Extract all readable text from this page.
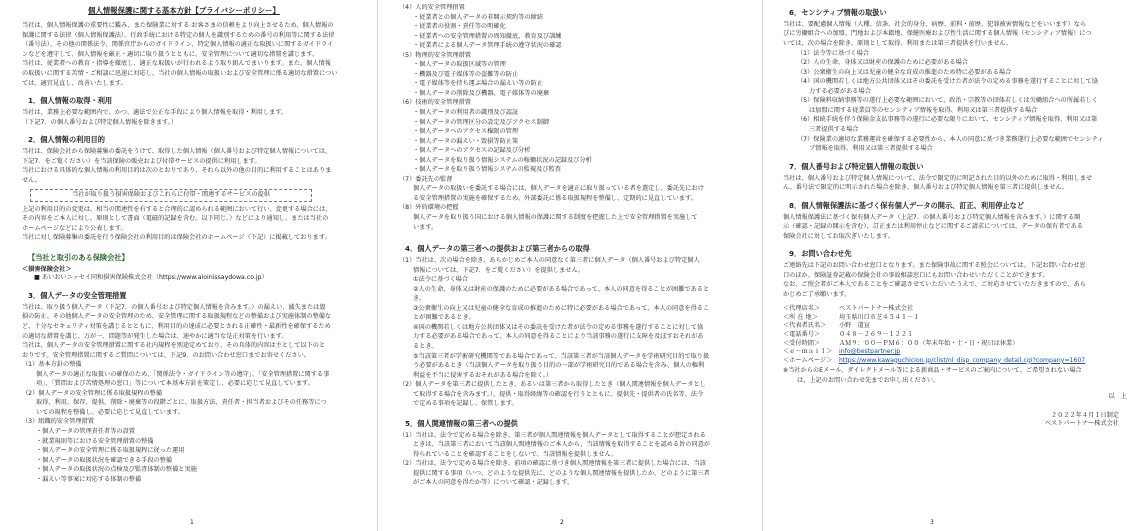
個人情報保護に関する基本方針【プライバシーポリシー】

当社は、個人情報保護の重要性に鑑み、また保険業に対する お客さまの信頼をより向上させるため、個人情報の

保護に関する法律（個人情報保護法）、行政手続における特定の個人を識別するための番号の利用等に関する法律

（番号法）、その他の関係法令、関係官庁からのガイドライン、特定個人情報の適正な取扱いに関するガイドライ

ンなどを遵守して、個人情報を厳正・適切に取り扱うとともに、安全管理について適切な措置を講じます。

当社は、従業者への教育・指導を徹底し、適正な取扱いが行われるよう取り組んでまいります。また、個人情報

の取扱いに関する苦情・ご相談に迅速に対応し、当社の個人情報の取扱いおよび安全管理に係る適切な措置につい

ては、適宜見直し、改善いたします。

1．個人情報の取得・利用

当社は、業務上必要な範囲内で、かつ、適法で公正な手段により個人情報を取得・利用します。

（下記7．の個人番号および特定個人情報を除きます。）

2．個人情報の利用目的

当社は、保険会社から保険募集の委託をうけて、取得した個人情報（個人番号および特定個人情報については、

下記7．をご覧ください）を当該保険の販売および付帯サービスの提供に利用します。

当社における具体的な個人情報の利用目的は次のとおりであり、それら以外の他の目的に利用することはありま

せん。

当社が取り扱う損害保険およびこれらに付帯・関連するサービスの提供

上記の利用目的の変更は、相当の関連性を有すると合理的に認められる範囲において行い、変更する場合には、

その内容をご本人に対し、原則として書面（電磁的記録を含む。以下同じ。）などにより通知し、または当社の

ホームページなどにより公表します。

当社に対し保険募集の委託を行う保険会社の利用目的は保険会社のホームページ（下記）に掲載しております。

【当社と取引のある保険会社】
＜損害保険会社＞
■ あいおいニッセイ同和損害保険株式会社（https://www.aioinissaydowa.co.jp）
3．個人データの安全管理措置

当社は、取り扱う個人データ（下記7．の個人番号および特定個人情報を含みます。）の漏えい、滅失または毀

損の防止、その他個人データの安全管理のため、安全管理に関する取扱規程などの整備および実施体制の整備な

ど、十分なセキュリティ対策を講じるとともに、利用目的の達成に必要とされる正確性・最新性を確保するため

の適切な措置を講じ、万が一、問題等が発生した場合は、速やかに適当な是正対策を行います。

当社は、個人データの安全管理措置に関する社内規程を別途定めており、その具体的内容は主として以下のと

おりです。安全管理措置に関するご質問については、下記9．のお問い合わせ窓口までお寄せください。

（1）基本方針の整備

個人データの適正な取扱いの確保のため、「関係法令・ガイドライン等の遵守」、「安全管理措置に関する事

項」、「質問および苦情処理の窓口」等について本基本方針を策定し、必要に応じて見直しています。

（2）個人データの安全管理に係る取扱規程の整備

取得、利用、保存、提供、削除・廃棄等の段階ごとに、取扱方法、責任者・担当者およびその任務等につ

いての規程を整備し、必要に応じて見直しています。

（3）組織的安全管理措置

・個人データの管理責任者等の設置

・就業規則等における安全管理措置の整備

・個人データの安全管理に係る取扱規程に従った運用

・個人データの取扱状況を確認できる手段の整備

・個人データの取扱状況の点検及び監査体制の整備と実施

・漏えい等事案に対応する体制の整備

1

（4）人的安全管理措置

・従業者との個人データの非開示契約等の締結

・従業者の役割・責任等の明確化

・従業者への安全管理措置の周知徹底、教育及び訓練

・従業者による個人データ管理手続の遵守状況の確認

（5）物理的安全管理措置

・個人データの取扱区域等の管理

・機器及び電子媒体等の盗難等の防止

・電子媒体等を持ち運ぶ場合の漏えい等の防止

・個人データの削除及び機器、電子媒体等の廃棄

（6）技術的安全管理措置

・個人データの利用者の識別及び認証

・個人データの管理区分の設定及びアクセス制御

・個人データへのアクセス権限の管理

・個人データの漏えい・毀損等防止策

・個人データへのアクセスの記録及び分析

・個人データを取り扱う情報システムの稼働状況の記録及び分析

・個人データを取り扱う情報システムの監視及び監査

（7）委託先の監督

個人データの取扱いを委託する場合には、個人データを適正に取り扱っている者を選定し、委託先におけ

る安全管理措置の実施を確保するため、外部委託に係る取扱規程を整備し、定期的に見直しています。

（8）外的環境の把握

個人データを取り扱う国における個人情報の保護に関する制度を把握した上で安全管理措置を実施して

います。

4．個人データの第三者への提供および第三者からの取得

（1）当社は、次の場合を除き、あらかじめご本人の同意なく第三者に個人データ（個人番号および特定個人

情報については、下記7．をご覧ください）を提供しません。

①法令に基づく場合

②人の生命、身体又は財産の保護のために必要がある場合であって、本人の同意を得ることが困難であると

き。

③公衆衛生の向上又は児童の健全な育成の推進のために特に必要がある場合であって、本人の同意を得るこ

とが困難であるとき。

④国の機関若しくは地方公共団体又はその委託を受けた者が法令の定める事務を遂行することに対して協

力する必要がある場合であって、本人の同意を得ることにより当該事務の遂行に支障を及ぼすおそれがあ

るとき。

⑤当該第三者が学術研究機関等である場合であって、当該第三者が当該個人データを学術研究目的で取り扱

う必要があるとき（当該個人データを取り扱う目的の一部が学術研究目的である場合を含み、個人の権利

利益を不当に侵害するおそれがある場合を除く。）

（2）個人データを第三者に提供したとき、あるいは第三者から取得したとき（個人関連情報を個人データとし

て取得する場合を含みます。）、提供・取得経緯等の確認を行うとともに、提供先・提供者の氏名等、法令

で定める事項を記録し、保管します。

5．個人関連情報の第三者への提供

（1）当社は、法令で定める場合を除き、第三者が個人関連情報を個人データとして取得することが想定される

ときは、当該第三者において当該個人関連情報のご本人から、当該情報を取得することを認める旨の同意が

得られていることを確認することをしないで、当該情報を提供しません。

（2）当社は、法令で定める場合を除き、前項の確認に基づき個人関連情報を第三者に提供した場合には、当該

提供に関する事項（いつ、どのような提供先に、どのような個人関連情報を提供したか、どのように第三者

がご本人の同意を得たか等）について確認・記録します。

2
6．センシティブ情報の取扱い

当社は、要配慮個人情報（人種、信条、社会的身分、病歴、前科・前歴、犯罪被害情報などをいいます）なら

びに労働組合への加盟、門地および本籍地、保健医療および性生活に関する個人情報（センシティブ情報）につ

いては、次の場合を除き、原則として取得、利用または第三者提供を行いません。

（1）法令等に基づく場合

（2）人の生命、身体又は財産の保護のために必要がある場合

（3）公衆衛生の向上又は児童の健全な育成の推進のため特に必要がある場合

（4）国の機関若しくは地方公共団体又はその委託を受けた者が法令の定める事務を遂行することに対して協

力する必要がある場合

（5）保険料収納事務等の遂行上必要な範囲において、政治・宗教等の団体若しくは労働組合への所属若しく

は加盟に関する従業員等のセンシティブ情報を取得、利用又は第三者提供する場合

（6）相続手続を伴う保険金支払事務等の遂行に必要な限りにおいて、センシティブ情報を取得、利用又は第

三者提供する場合

（7）保険業の適切な業務運営を確保する必要性から、本人の同意に基づき業務遂行上必要な範囲でセンシティ

ブ情報を取得、利用又は第三者提供する場合

7．個人番号および特定個人情報の取扱い

当社は、個人番号および特定個人情報について、法令で限定的に明記された目的以外のために取得・利用しませ

ん。番号法で限定的に明示された場合を除き、個人番号および特定個人情報を第三者に提供しません。

8．個人情報保護法に基づく保有個人データの開示、訂正、利用停止など

個人情報保護法に基づく保有個人データ（上記7．の個人番号および特定個人情報を含みます。）に関する開

示（確認・記録の開示を含む）、訂正または利用停止などに関するご請求については、データの保有者である

保険会社に対してお取次ぎいたします。

9．お問い合わせ先

ご連絡先は下記のお問い合わせ窓口となります。また保険事故に関する照会については、下記お問い合わせ窓

口のほか、保険証券記載の保険会社の事故相談窓口にもお問い合わせいただくことができます。

なお、ご照会者がご本人であることをご確認させていただいたうえで、ご対応させていただきますので、あら

かじめご了承願います。

＜代理店名＞	ベストパートナー株式会社
＜所 在 地＞	埼玉県川口市芝４５４１－１
＜代表者氏名＞	小野　道宣
＜電話番号＞	０４８－２６９－１２２１
＜受付時間＞	ＡＭ９：００～ＰＭ６：００（年末年始・土・日・祝日は休業）
＜ｅ－ｍａｉｌ＞	info@bestpartner.jp
＜ホームページ＞	https://www.kawaguchicion.jp/clist/nl_disp_company_detail.cgi?company=1607

※当社からのEメール、ダイレクトメール等による新商品・サービスのご案内について、ご希望されない場合

は、上記のお問い合わせ先までお申し出ください。

以　上
２０２２年４月１日制定
ベストパートナー株式会社
3
